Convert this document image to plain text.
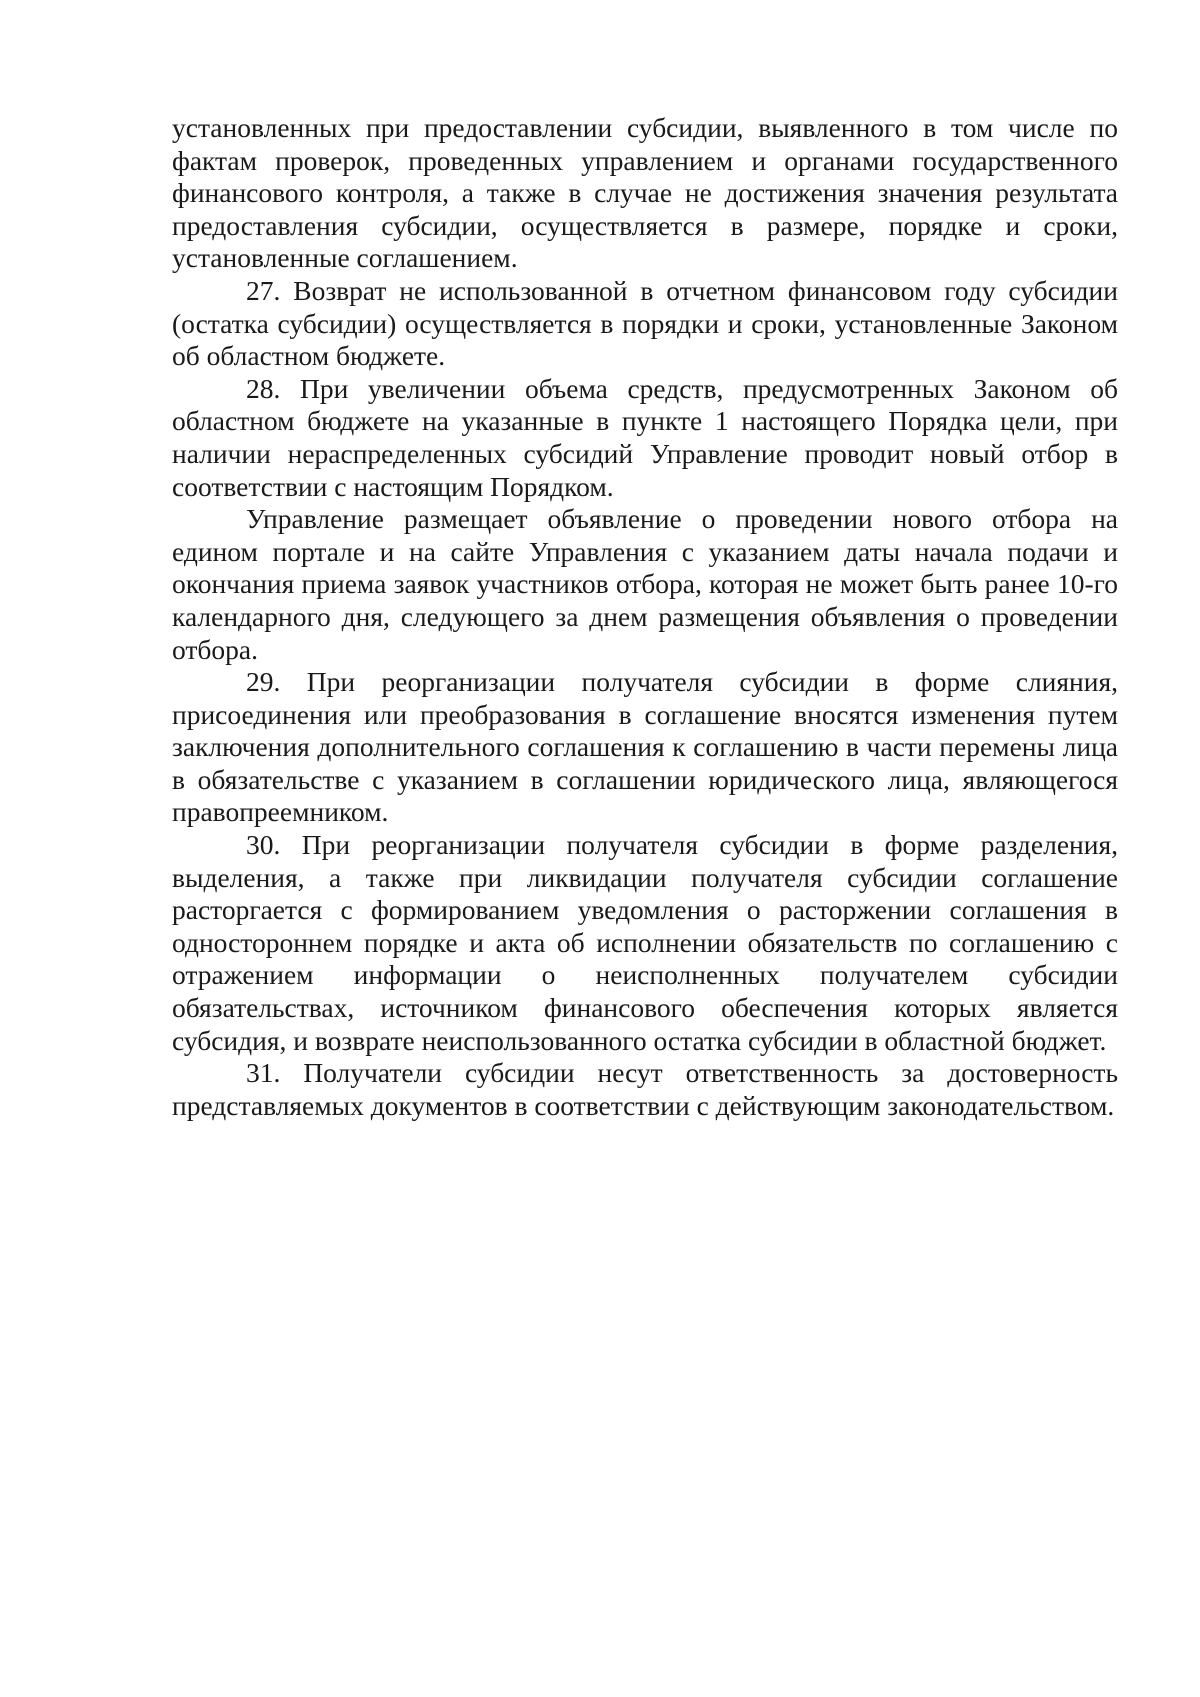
установленных при предоставлении субсидии, выявленного в том числе по фактам проверок, проведенных управлением и органами государственного финансового контроля, а также в случае не достижения значения результата предоставления субсидии, осуществляется в размере, порядке и сроки, установленные соглашением.

27. Возврат не использованной в отчетном финансовом году субсидии (остатка субсидии) осуществляется в порядки и сроки, установленные Законом об областном бюджете.

28. При увеличении объема средств, предусмотренных Законом об областном бюджете на указанные в пункте 1 настоящего Порядка цели, при наличии нераспределенных субсидий Управление проводит новый отбор в соответствии с настоящим Порядком.

Управление размещает объявление о проведении нового отбора на едином портале и на сайте Управления с указанием даты начала подачи и окончания приема заявок участников отбора, которая не может быть ранее 10-го календарного дня, следующего за днем размещения объявления о проведении отбора.

29. При реорганизации получателя субсидии в форме слияния, присоединения или преобразования в соглашение вносятся изменения путем заключения дополнительного соглашения к соглашению в части перемены лица в обязательстве с указанием в соглашении юридического лица, являющегося правопреемником.

30. При реорганизации получателя субсидии в форме разделения, выделения, а также при ликвидации получателя субсидии соглашение расторгается с формированием уведомления о расторжении соглашения в одностороннем порядке и акта об исполнении обязательств по соглашению с отражением информации о неисполненных получателем субсидии обязательствах, источником финансового обеспечения которых является субсидия, и возврате неиспользованного остатка субсидии в областной бюджет.

31. Получатели субсидии несут ответственность за достоверность представляемых документов в соответствии с действующим законодательством.
